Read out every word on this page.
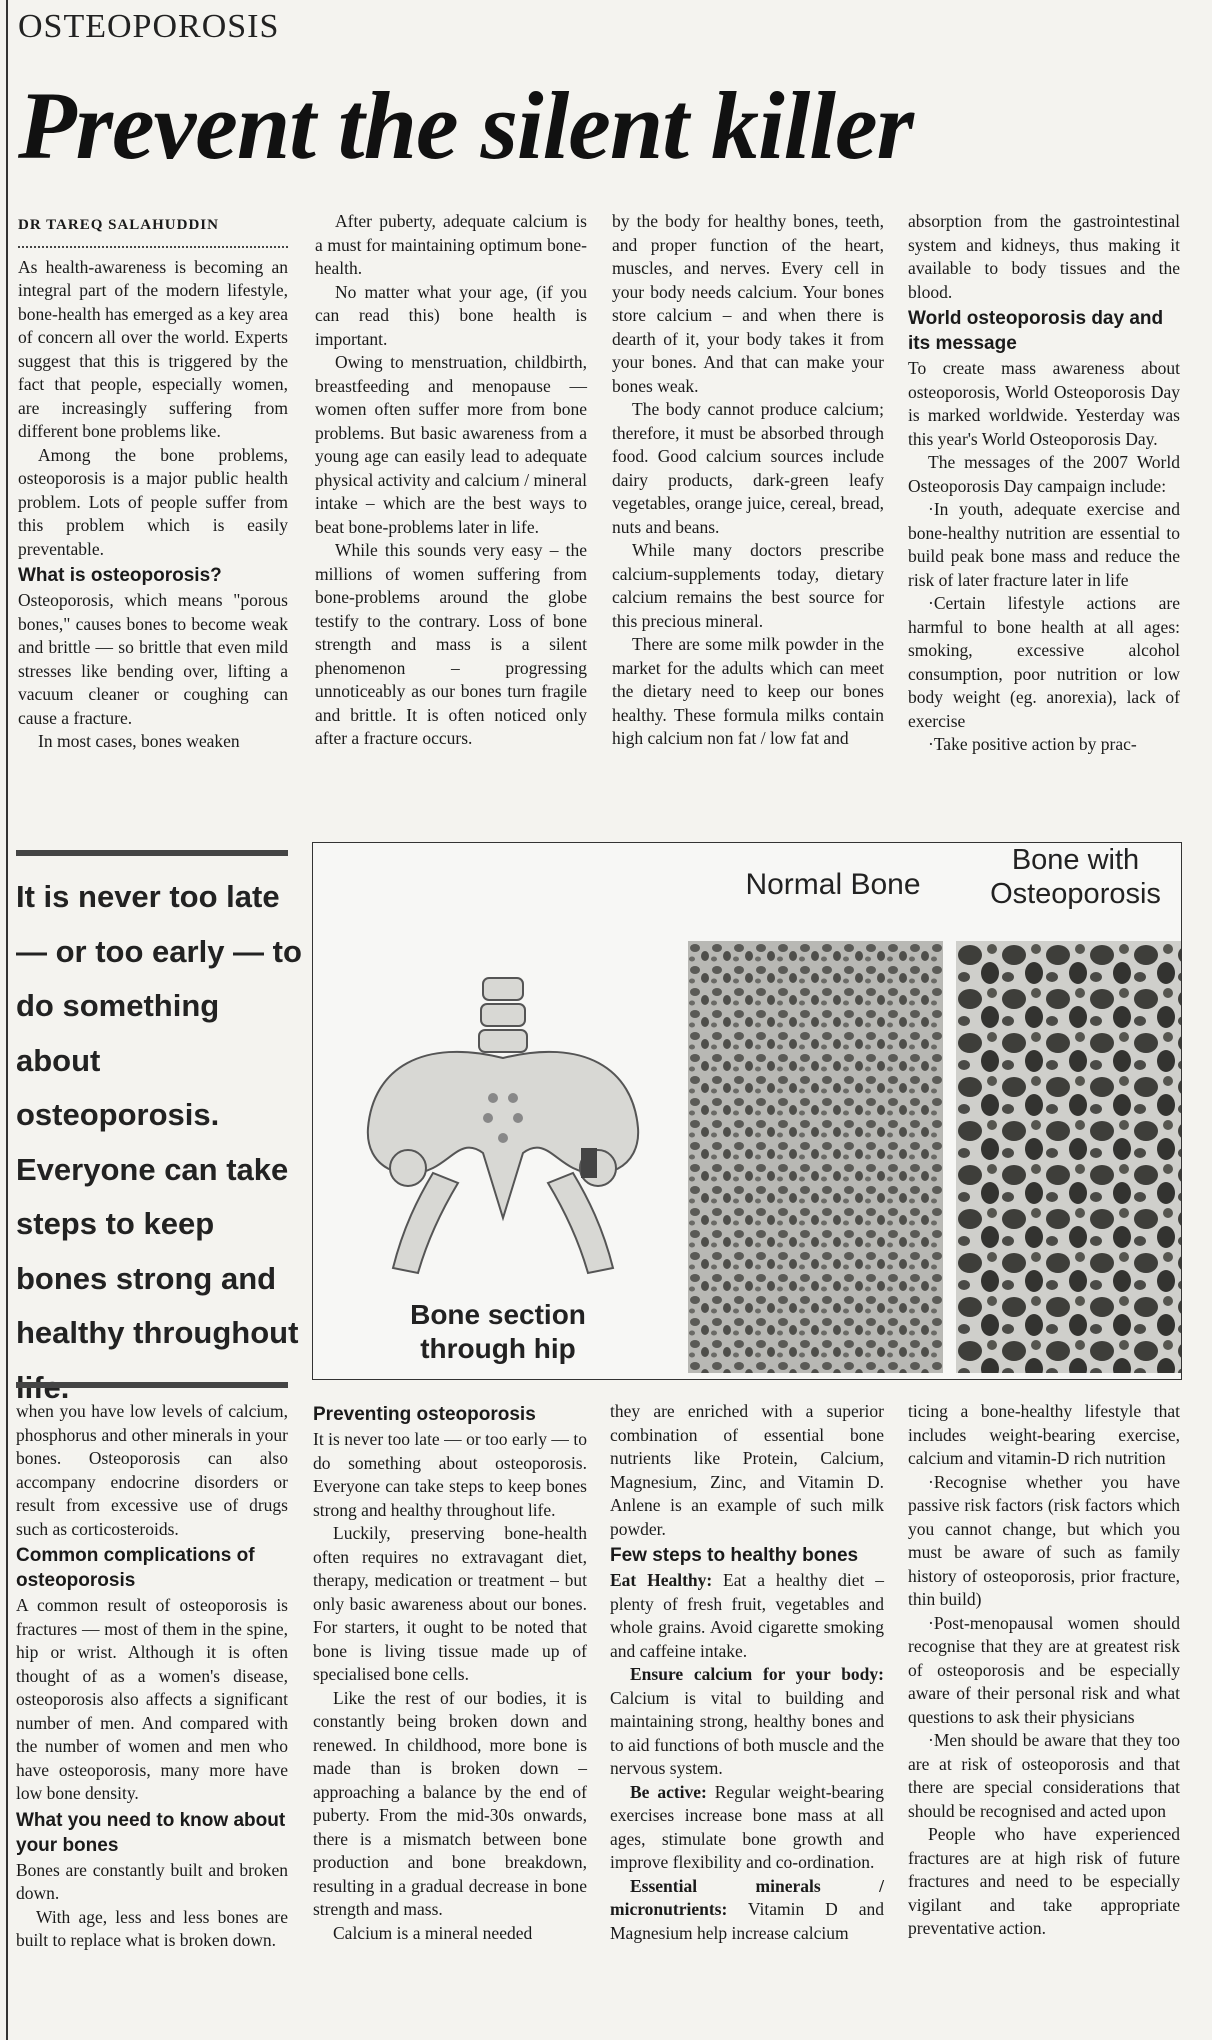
OSTEOPOROSIS
Prevent the silent killer
DR TAREQ SALAHUDDIN

As health-awareness is becoming an integral part of the modern lifestyle, bone-health has emerged as a key area of concern all over the world. Experts suggest that this is triggered by the fact that people, especially women, are increasingly suffering from different bone problems like.

Among the bone problems, osteoporosis is a major public health problem. Lots of people suffer from this problem which is easily preventable.

What is osteoporosis?

Osteoporosis, which means "porous bones," causes bones to become weak and brittle — so brittle that even mild stresses like bending over, lifting a vacuum cleaner or coughing can cause a fracture.

In most cases, bones weaken

After puberty, adequate calcium is a must for maintaining optimum bone-health.

No matter what your age, (if you can read this) bone health is important.

Owing to menstruation, childbirth, breastfeeding and menopause — women often suffer more from bone problems. But basic awareness from a young age can easily lead to adequate physical activity and calcium / mineral intake – which are the best ways to beat bone-problems later in life.

While this sounds very easy – the millions of women suffering from bone-problems around the globe testify to the contrary. Loss of bone strength and mass is a silent phenomenon – progressing unnoticeably as our bones turn fragile and brittle. It is often noticed only after a fracture occurs.

by the body for healthy bones, teeth, and proper function of the heart, muscles, and nerves. Every cell in your body needs calcium. Your bones store calcium – and when there is dearth of it, your body takes it from your bones. And that can make your bones weak.

The body cannot produce calcium; therefore, it must be absorbed through food. Good calcium sources include dairy products, dark-green leafy vegetables, orange juice, cereal, bread, nuts and beans.

While many doctors prescribe calcium-supplements today, dietary calcium remains the best source for this precious mineral.

There are some milk powder in the market for the adults which can meet the dietary need to keep our bones healthy. These formula milks contain high calcium non fat / low fat and

absorption from the gastrointestinal system and kidneys, thus making it available to body tissues and the blood.

World osteoporosis day and its message

To create mass awareness about osteoporosis, World Osteoporosis Day is marked worldwide. Yesterday was this year's World Osteoporosis Day.

The messages of the 2007 World Osteoporosis Day campaign include:

·In youth, adequate exercise and bone-healthy nutrition are essential to build peak bone mass and reduce the risk of later fracture later in life

·Certain lifestyle actions are harmful to bone health at all ages: smoking, excessive alcohol consumption, poor nutrition or low body weight (eg. anorexia), lack of exercise

·Take positive action by prac-

It is never too late — or too early — to do something about osteoporosis. Everyone can take steps to keep bones strong and healthy throughout
Normal Bone
Bone with Osteoporosis
Bone section through hip

when you have low levels of calcium, phosphorus and other minerals in your bones. Osteoporosis can also accompany endocrine disorders or result from excessive use of drugs such as corticosteroids.

Common complications of osteoporosis

A common result of osteoporosis is fractures — most of them in the spine, hip or wrist. Although it is often thought of as a women's disease, osteoporosis also affects a significant number of men. And compared with the number of women and men who have osteoporosis, many more have low bone density.

What you need to know about your bones

Bones are constantly built and broken down.

With age, less and less bones are built to replace what is broken down.

Preventing osteoporosis

It is never too late — or too early — to do something about osteoporosis. Everyone can take steps to keep bones strong and healthy throughout life.

Luckily, preserving bone-health often requires no extravagant diet, therapy, medication or treatment – but only basic awareness about our bones. For starters, it ought to be noted that bone is living tissue made up of specialised bone cells.

Like the rest of our bodies, it is constantly being broken down and renewed. In childhood, more bone is made than is broken down – approaching a balance by the end of puberty. From the mid-30s onwards, there is a mismatch between bone production and bone breakdown, resulting in a gradual decrease in bone strength and mass.

Calcium is a mineral needed

they are enriched with a superior combination of essential bone nutrients like Protein, Calcium, Magnesium, Zinc, and Vitamin D. Anlene is an example of such milk powder.

Few steps to healthy bones

Eat Healthy: Eat a healthy diet – plenty of fresh fruit, vegetables and whole grains. Avoid cigarette smoking and caffeine intake.

Ensure calcium for your body: Calcium is vital to building and maintaining strong, healthy bones and to aid functions of both muscle and the nervous system.

Be active: Regular weight-bearing exercises increase bone mass at all ages, stimulate bone growth and improve flexibility and co-ordination.

Essential minerals / micronutrients: Vitamin D and Magnesium help increase calcium

ticing a bone-healthy lifestyle that includes weight-bearing exercise, calcium and vitamin-D rich nutrition

·Recognise whether you have passive risk factors (risk factors which you cannot change, but which you must be aware of such as family history of osteoporosis, prior fracture, thin build)

·Post-menopausal women should recognise that they are at greatest risk of osteoporosis and be especially aware of their personal risk and what questions to ask their physicians

·Men should be aware that they too are at risk of osteoporosis and that there are special considerations that should be recognised and acted upon

People who have experienced fractures are at high risk of future fractures and need to be especially vigilant and take appropriate preventative action.
